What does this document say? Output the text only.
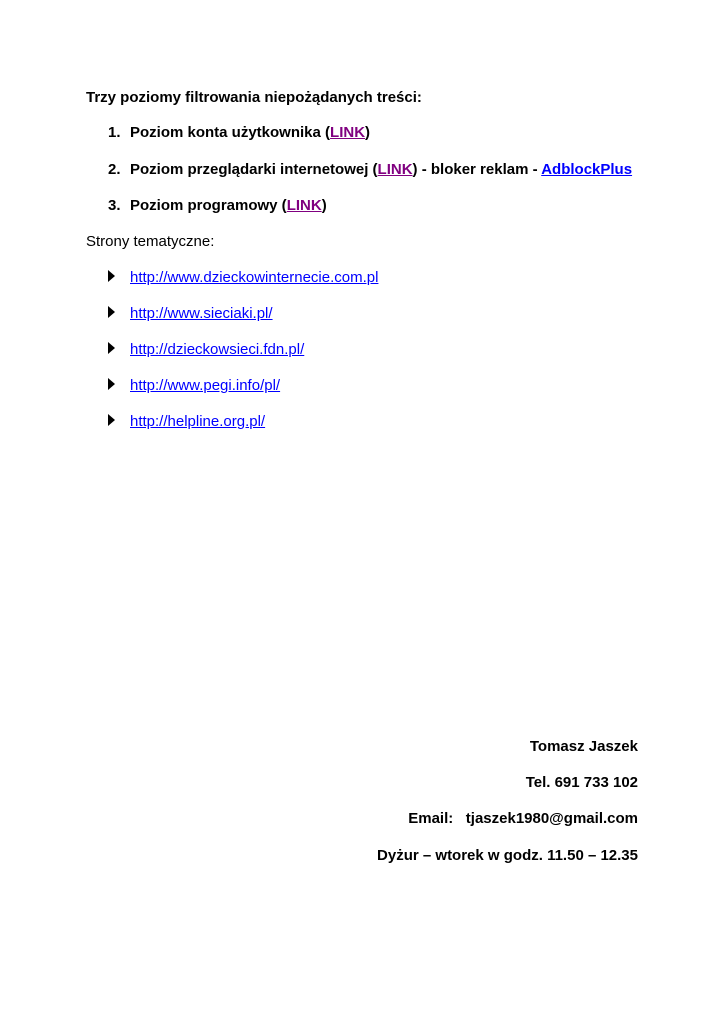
Trzy poziomy filtrowania niepożądanych treści:
1. Poziom konta użytkownika (LINK)
2. Poziom przeglądarki internetowej (LINK) - bloker reklam - AdblockPlus
3. Poziom programowy (LINK)
Strony tematyczne:
http://www.dzieckowinternecie.com.pl
http://www.sieciaki.pl/
http://dzieckowsieci.fdn.pl/
http://www.pegi.info/pl/
http://helpline.org.pl/
Tomasz Jaszek
Tel. 691 733 102
Email: tjaszek1980@gmail.com
Dyżur – wtorek w godz. 11.50 – 12.35
